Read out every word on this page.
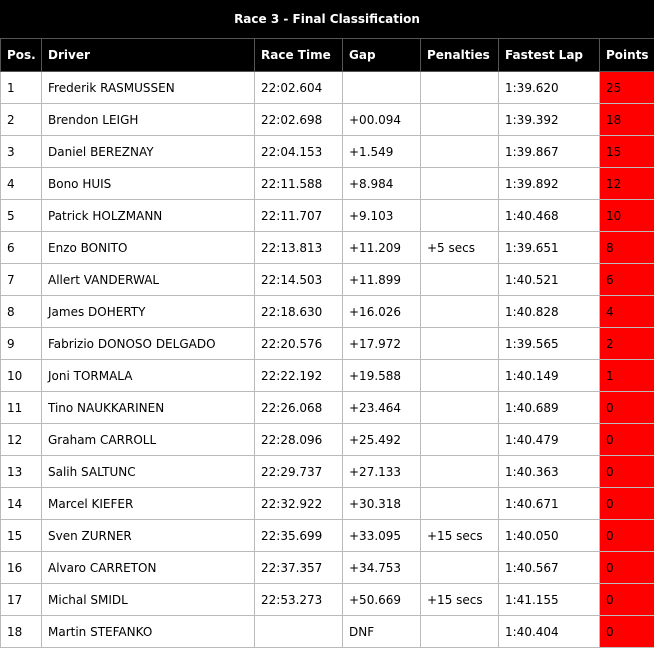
Race 3 - Final Classification
Pos.	Driver	Race Time	Gap	Penalties	Fastest Lap	Points
1	Frederik RASMUSSEN	22:02.604			1:39.620	25
2	Brendon LEIGH	22:02.698	+00.094		1:39.392	18
3	Daniel BEREZNAY	22:04.153	+1.549		1:39.867	15
4	Bono HUIS	22:11.588	+8.984		1:39.892	12
5	Patrick HOLZMANN	22:11.707	+9.103		1:40.468	10
6	Enzo BONITO	22:13.813	+11.209	+5 secs	1:39.651	8
7	Allert VANDERWAL	22:14.503	+11.899		1:40.521	6
8	James DOHERTY	22:18.630	+16.026		1:40.828	4
9	Fabrizio DONOSO DELGADO	22:20.576	+17.972		1:39.565	2
10	Joni TORMALA	22:22.192	+19.588		1:40.149	1
11	Tino NAUKKARINEN	22:26.068	+23.464		1:40.689	0
12	Graham CARROLL	22:28.096	+25.492		1:40.479	0
13	Salih SALTUNC	22:29.737	+27.133		1:40.363	0
14	Marcel KIEFER	22:32.922	+30.318		1:40.671	0
15	Sven ZURNER	22:35.699	+33.095	+15 secs	1:40.050	0
16	Alvaro CARRETON	22:37.357	+34.753		1:40.567	0
17	Michal SMIDL	22:53.273	+50.669	+15 secs	1:41.155	0
18	Martin STEFANKO		DNF		1:40.404	0
